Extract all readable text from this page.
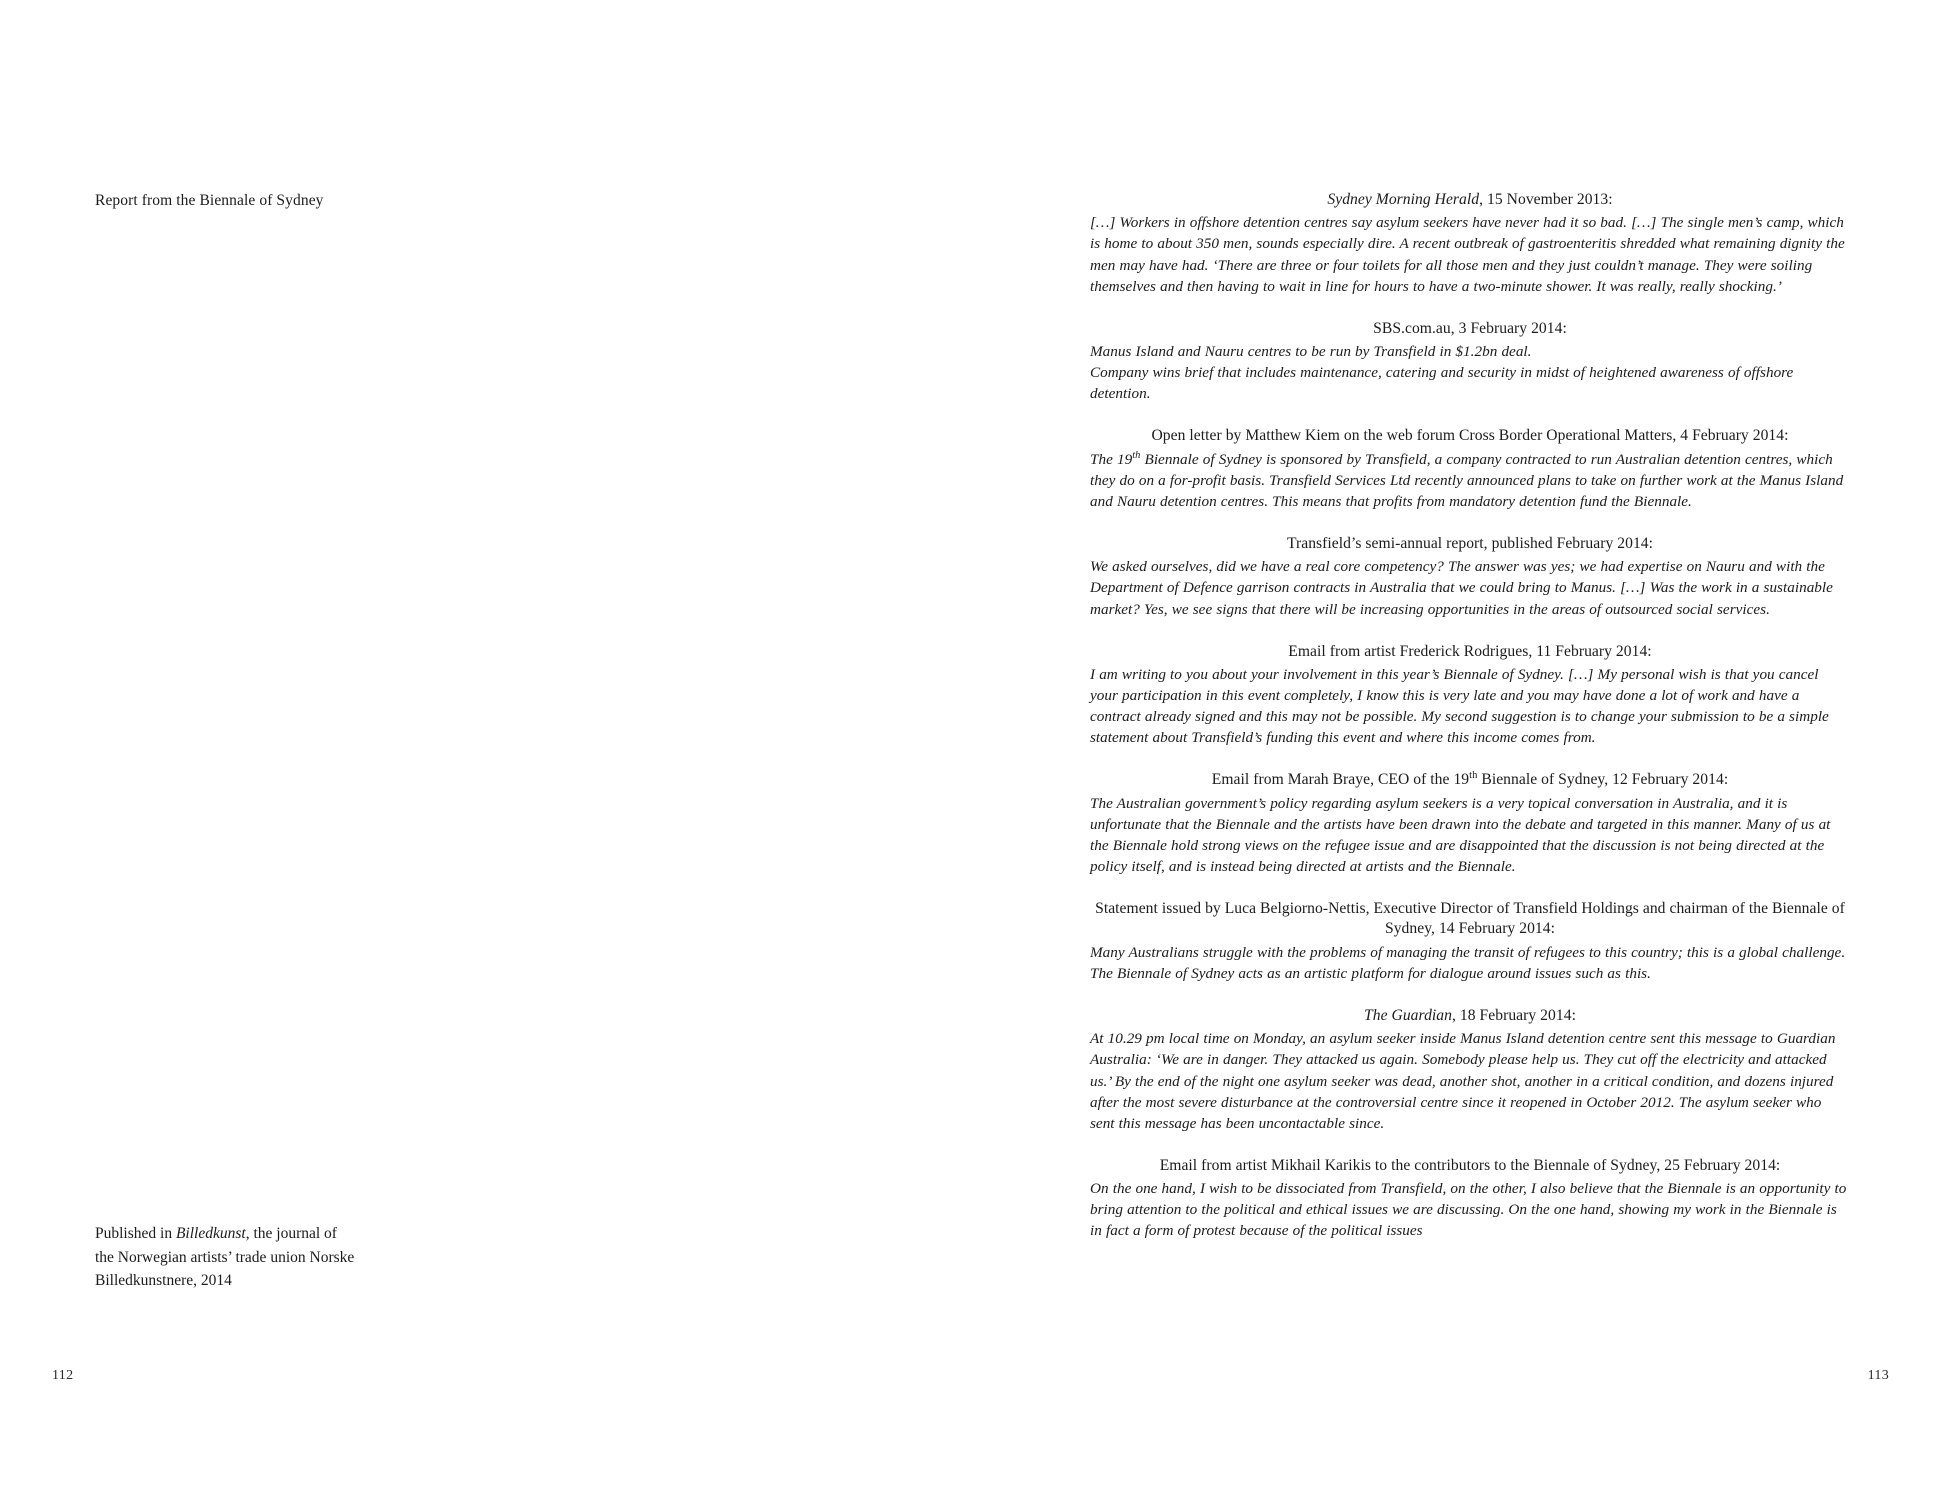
Report from the Biennale of Sydney
Published in Billedkunst, the journal of
the Norwegian artists’ trade union Norske
Billedkunstnere, 2014
112

Sydney Morning Herald, 15 November 2013:

[…] Workers in offshore detention centres say asylum seekers have never had it so bad. […] The single men’s camp, which is home to about 350 men, sounds especially dire. A recent outbreak of gastroenteritis shredded what remaining dignity the men may have had. ‘There are three or four toilets for all those men and they just couldn’t manage. They were soiling themselves and then having to wait in line for hours to have a two-minute shower. It was really, really shocking.’

SBS.com.au, 3 February 2014:

Manus Island and Nauru centres to be run by Transfield in $1.2bn deal.

Company wins brief that includes maintenance, catering and security in midst of heightened awareness of offshore detention.

Open letter by Matthew Kiem on the web forum Cross Border Operational Matters, 4 February 2014:

The 19th Biennale of Sydney is sponsored by Transfield, a company contracted to run Australian detention centres, which they do on a for-profit basis. Transfield Services Ltd recently announced plans to take on further work at the Manus Island and Nauru detention centres. This means that profits from mandatory detention fund the Biennale.

Transfield’s semi-annual report, published February 2014:

We asked ourselves, did we have a real core competency? The answer was yes; we had expertise on Nauru and with the Department of Defence garrison contracts in Australia that we could bring to Manus. […] Was the work in a sustainable market? Yes, we see signs that there will be increasing opportunities in the areas of outsourced social services.

Email from artist Frederick Rodrigues, 11 February 2014:

I am writing to you about your involvement in this year’s Biennale of Sydney. […] My personal wish is that you cancel your participation in this event completely, I know this is very late and you may have done a lot of work and have a contract already signed and this may not be possible. My second suggestion is to change your submission to be a simple statement about Transfield’s funding this event and where this income comes from.

Email from Marah Braye, CEO of the 19th Biennale of Sydney, 12 February 2014:

The Australian government’s policy regarding asylum seekers is a very topical conversation in Australia, and it is unfortunate that the Biennale and the artists have been drawn into the debate and targeted in this manner. Many of us at the Biennale hold strong views on the refugee issue and are disappointed that the discussion is not being directed at the policy itself, and is instead being directed at artists and the Biennale.

Statement issued by Luca Belgiorno-Nettis, Executive Director of Transfield Holdings and chairman of the Biennale of Sydney, 14 February 2014:

Many Australians struggle with the problems of managing the transit of refugees to this country; this is a global challenge. The Biennale of Sydney acts as an artistic platform for dialogue around issues such as this.

The Guardian, 18 February 2014:

At 10.29 pm local time on Monday, an asylum seeker inside Manus Island detention centre sent this message to Guardian Australia: ‘We are in danger. They attacked us again. Somebody please help us. They cut off the electricity and attacked us.’ By the end of the night one asylum seeker was dead, another shot, another in a critical condition, and dozens injured after the most severe disturbance at the controversial centre since it reopened in October 2012. The asylum seeker who sent this message has been uncontactable since.

Email from artist Mikhail Karikis to the contributors to the Biennale of Sydney, 25 February 2014:

On the one hand, I wish to be dissociated from Transfield, on the other, I also believe that the Biennale is an opportunity to bring attention to the political and ethical issues we are discussing. On the one hand, showing my work in the Biennale is in fact a form of protest because of the political issues

113
